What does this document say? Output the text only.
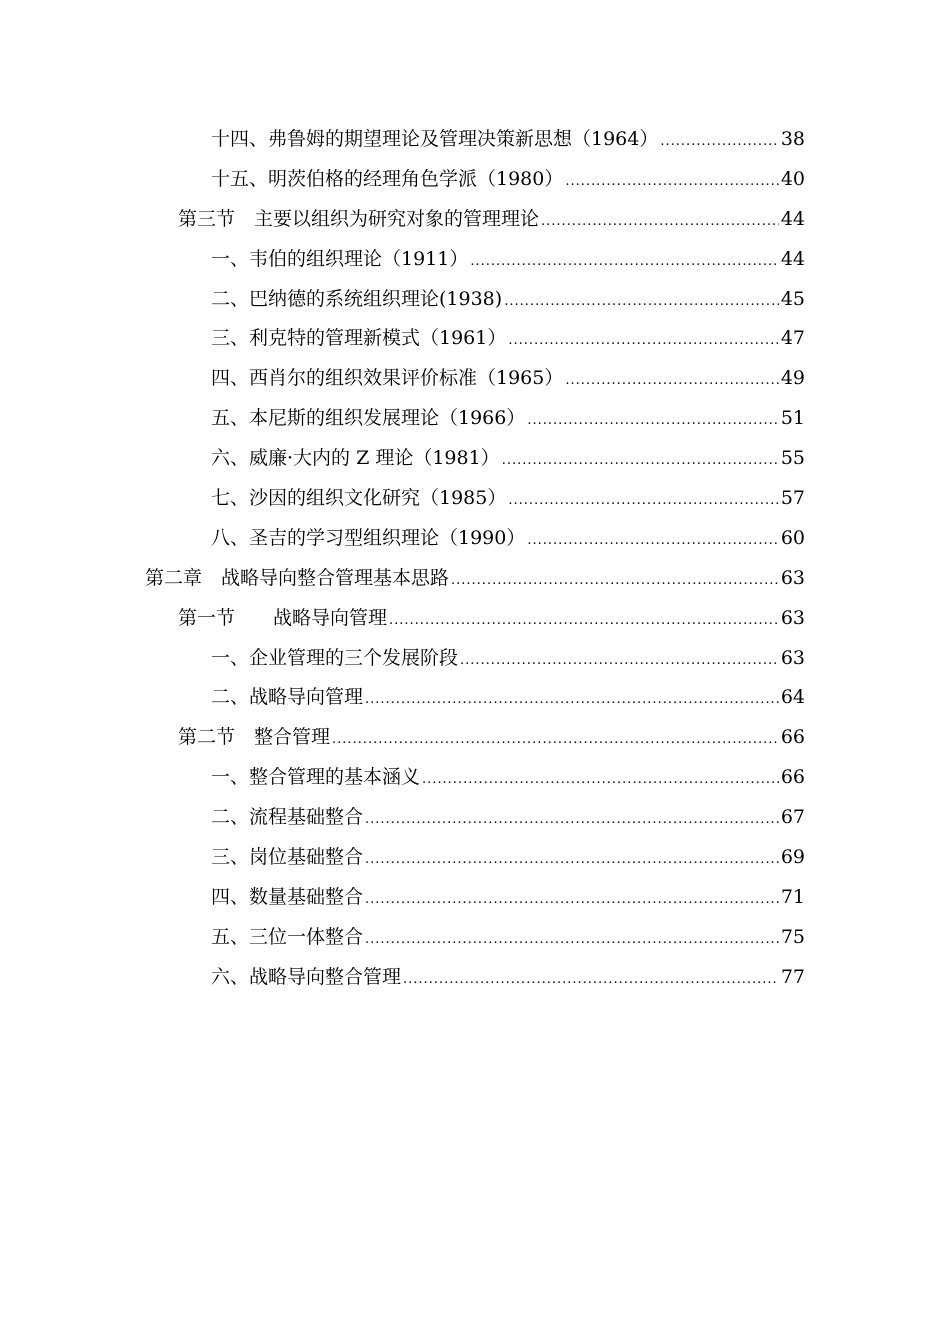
十四、弗鲁姆的期望理论及管理决策新思想（1964） .....	38
十五、明茨伯格的经理角色学派（1980） .....	40
第三节　主要以组织为研究对象的管理理论 .....	44
一、韦伯的组织理论（1911） .....	44
二、巴纳德的系统组织理论(1938) .....	45
三、利克特的管理新模式（1961） .....	47
四、西肖尔的组织效果评价标准（1965） .....	49
五、本尼斯的组织发展理论（1966） .....	51
六、威廉·大内的 Z 理论（1981） .....	55
七、沙因的组织文化研究（1985） .....	57
八、圣吉的学习型组织理论（1990） .....	60
第二章　战略导向整合管理基本思路 .....	63
第一节　　战略导向管理 .....	63
一、企业管理的三个发展阶段 .....	63
二、战略导向管理 .....	64
第二节　整合管理 .....	66
一、整合管理的基本涵义 .....	66
二、流程基础整合 .....	67
三、岗位基础整合 .....	69
四、数量基础整合 .....	71
五、三位一体整合 .....	75
六、战略导向整合管理 .....	77
